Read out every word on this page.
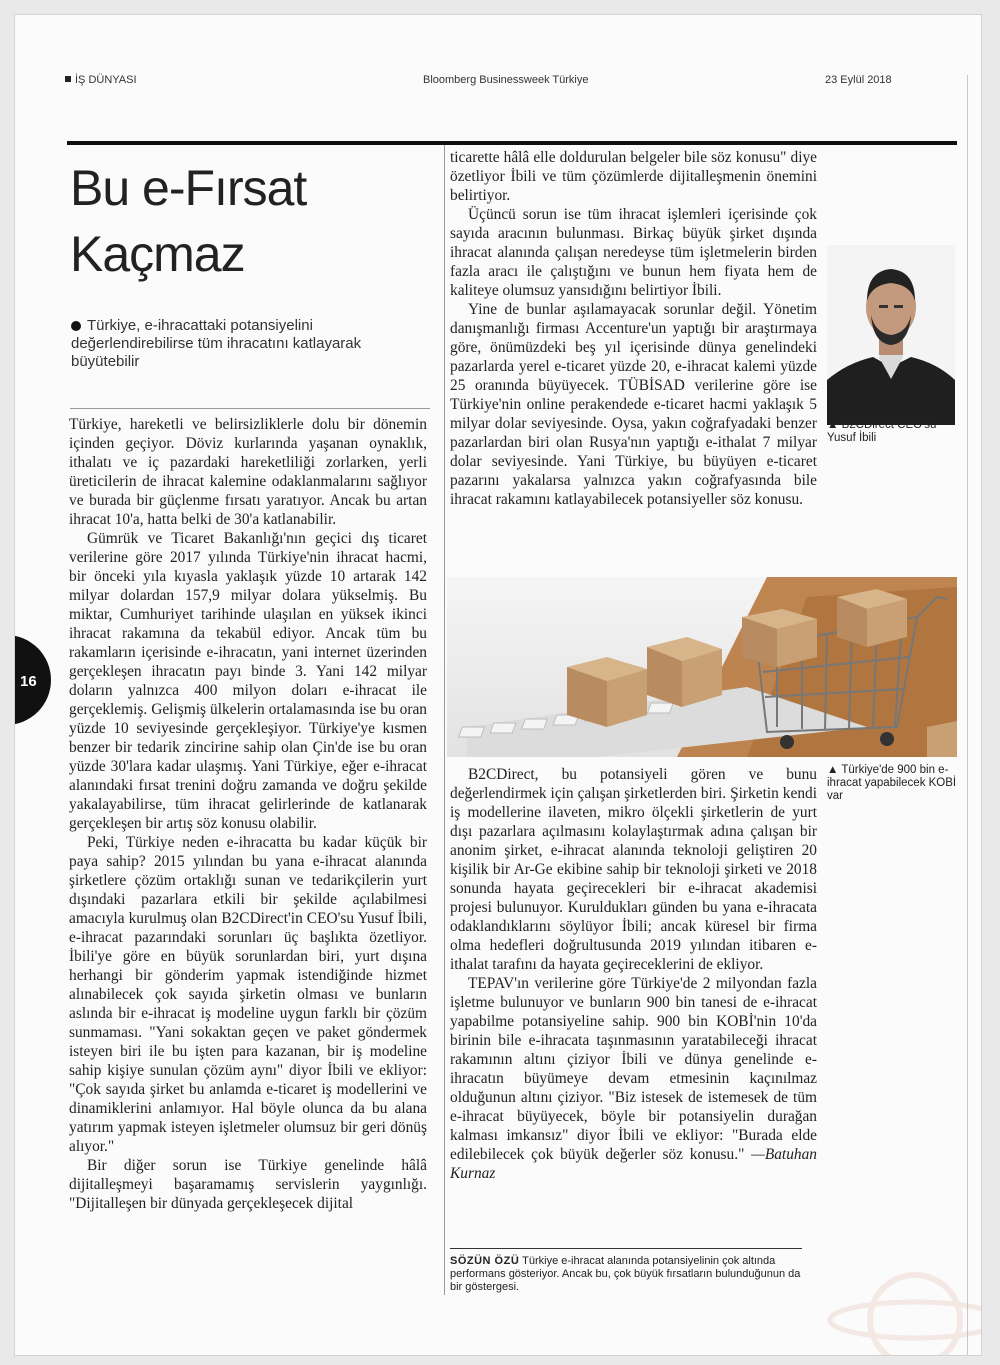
İŞ DÜNYASI	Bloomberg Businessweek Türkiye	23 Eylül 2018
16
Bu e-Fırsat
Kaçmaz
Türkiye, e-ihracattaki potansiyelini değerlendirebilirse tüm ihracatını katlayarak büyütebilir

Türkiye, hareketli ve belirsizliklerle dolu bir dönemin içinden geçiyor. Döviz kurlarında yaşanan oynaklık, ithalatı ve iç pazardaki hareketliliği zorlarken, yerli üreticilerin de ihracat kalemine odaklanmalarını sağlıyor ve burada bir güçlenme fırsatı yaratıyor. Ancak bu artan ihracat 10'a, hatta belki de 30'a katlanabilir.

Gümrük ve Ticaret Bakanlığı'nın geçici dış ticaret verilerine göre 2017 yılında Türkiye'nin ihracat hacmi, bir önceki yıla kıyasla yaklaşık yüzde 10 artarak 142 milyar dolardan 157,9 milyar dolara yükselmiş. Bu miktar, Cumhuriyet tarihinde ulaşılan en yüksek ikinci ihracat rakamına da tekabül ediyor. Ancak tüm bu rakamların içerisinde e-ihracatın, yani internet üzerinden gerçekleşen ihracatın payı binde 3. Yani 142 milyar doların yalnızca 400 milyon doları e-ihracat ile gerçeklemiş. Gelişmiş ülkelerin ortalamasında ise bu oran yüzde 10 seviyesinde gerçekleşiyor. Türkiye'ye kısmen benzer bir tedarik zincirine sahip olan Çin'de ise bu oran yüzde 30'lara kadar ulaşmış. Yani Türkiye, eğer e-ihracat alanındaki fırsat trenini doğru zamanda ve doğru şekilde yakalayabilirse, tüm ihracat gelirlerinde de katlanarak gerçekleşen bir artış söz konusu olabilir.

Peki, Türkiye neden e-ihracatta bu kadar küçük bir paya sahip? 2015 yılından bu yana e-ihracat alanında şirketlere çözüm ortaklığı sunan ve tedarikçilerin yurt dışındaki pazarlara etkili bir şekilde açılabilmesi amacıyla kurulmuş olan B2CDirect'in CEO'su Yusuf İbili, e-ihracat pazarındaki sorunları üç başlıkta özetliyor. İbili'ye göre en büyük sorunlardan biri, yurt dışına herhangi bir gönderim yapmak istendiğinde hizmet alınabilecek çok sayıda şirketin olması ve bunların aslında bir e-ihracat iş modeline uygun farklı bir çözüm sunmaması. "Yani sokaktan geçen ve paket göndermek isteyen biri ile bu işten para kazanan, bir iş modeline sahip kişiye sunulan çözüm aynı" diyor İbili ve ekliyor: "Çok sayıda şirket bu anlamda e-ticaret iş modellerini ve dinamiklerini anlamıyor. Hal böyle olunca da bu alana yatırım yapmak isteyen işletmeler olumsuz bir geri dönüş alıyor."

Bir diğer sorun ise Türkiye genelinde hâlâ dijitalleşmeyi başaramamış servislerin yaygınlığı. "Dijitalleşen bir dünyada gerçekleşecek dijital

ticarette hâlâ elle doldurulan belgeler bile söz konusu" diye özetliyor İbili ve tüm çözümlerde dijitalleşmenin önemini belirtiyor.

Üçüncü sorun ise tüm ihracat işlemleri içerisinde çok sayıda aracının bulunması. Birkaç büyük şirket dışında ihracat alanında çalışan neredeyse tüm işletmelerin birden fazla aracı ile çalıştığını ve bunun hem fiyata hem de kaliteye olumsuz yansıdığını belirtiyor İbili.

Yine de bunlar aşılamayacak sorunlar değil. Yönetim danışmanlığı firması Accenture'un yaptığı bir araştırmaya göre, önümüzdeki beş yıl içerisinde dünya genelindeki pazarlarda yerel e-ticaret yüzde 20, e-ihracat kalemi yüzde 25 oranında büyüyecek. TÜBİSAD verilerine göre ise Türkiye'nin online perakendede e-ticaret hacmi yaklaşık 5 milyar dolar seviyesinde. Oysa, yakın coğrafyadaki benzer pazarlardan biri olan Rusya'nın yaptığı e-ithalat 7 milyar dolar seviyesinde. Yani Türkiye, bu büyüyen e-ticaret pazarını yakalarsa yalnızca yakın coğrafyasında bile ihracat rakamını katlayabilecek potansiyeller söz konusu.

▲ B2CDirect CEO'su Yusuf İbili
▲ Türkiye'de 900 bin e-ihracat yapabilecek KOBİ var

B2CDirect, bu potansiyeli gören ve bunu değerlendirmek için çalışan şirketlerden biri. Şirketin kendi iş modellerine ilaveten, mikro ölçekli şirketlerin de yurt dışı pazarlara açılmasını kolaylaştırmak adına çalışan bir anonim şirket, e-ihracat alanında teknoloji geliştiren 20 kişilik bir Ar-Ge ekibine sahip bir teknoloji şirketi ve 2018 sonunda hayata geçirecekleri bir e-ihracat akademisi projesi bulunuyor. Kuruldukları günden bu yana e-ihracata odaklandıklarını söylüyor İbili; ancak küresel bir firma olma hedefleri doğrultusunda 2019 yılından itibaren e-ithalat tarafını da hayata geçireceklerini de ekliyor.

TEPAV'ın verilerine göre Türkiye'de 2 milyondan fazla işletme bulunuyor ve bunların 900 bin tanesi de e-ihracat yapabilme potansiyeline sahip. 900 bin KOBİ'nin 10'da birinin bile e-ihracata taşınmasının yaratabileceği ihracat rakamının altını çiziyor İbili ve dünya genelinde e-ihracatın büyümeye devam etmesinin kaçınılmaz olduğunun altını çiziyor. "Biz istesek de istemesek de tüm e-ihracat büyüyecek, böyle bir potansiyelin durağan kalması imkansız" diyor İbili ve ekliyor: "Burada elde edilebilecek çok büyük değerler söz konusu." —Batuhan Kurnaz

SÖZÜN ÖZÜ Türkiye e-ihracat alanında potansiyelinin çok altında performans gösteriyor. Ancak bu, çok büyük fırsatların bulunduğunun da bir göstergesi.
